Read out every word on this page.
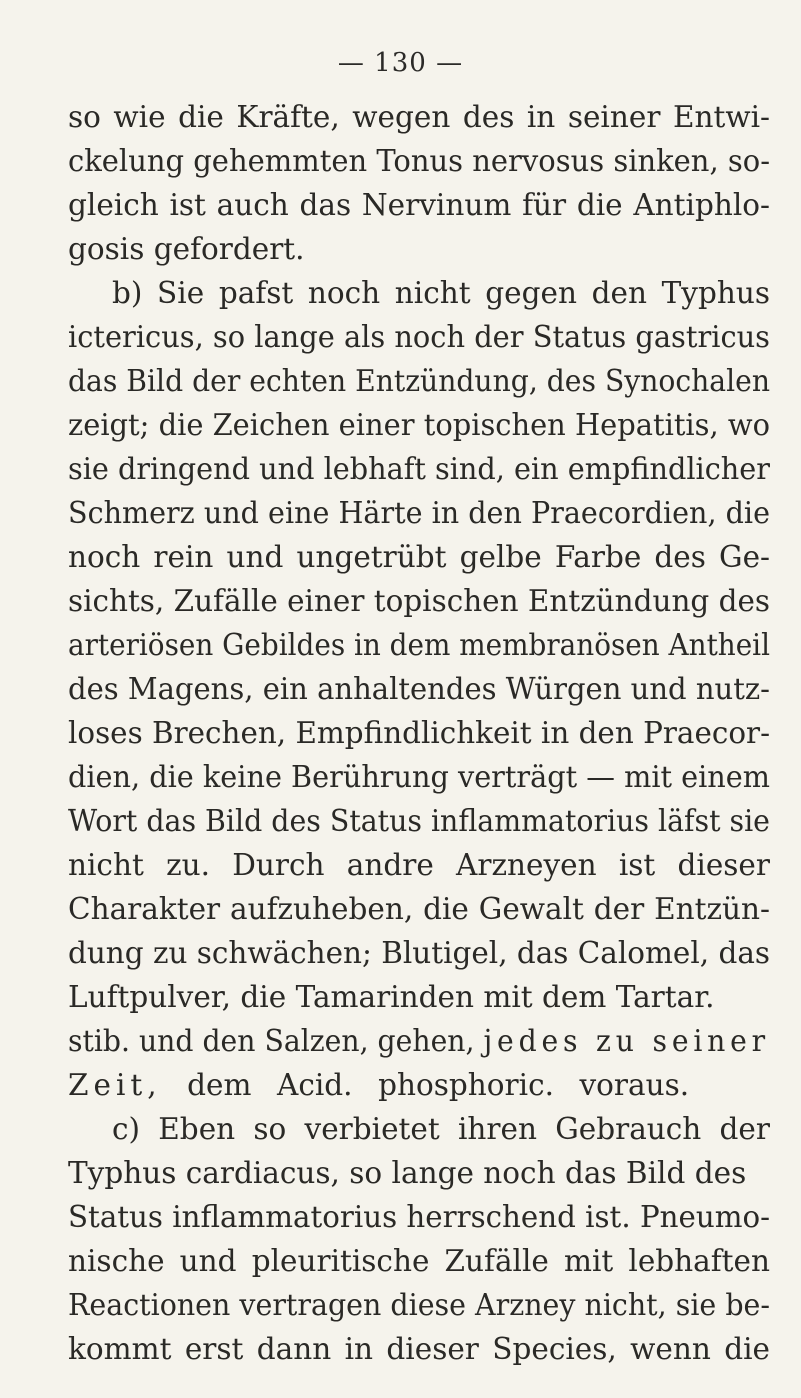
— 130 —
so wie die Kräfte, wegen des in seiner Entwi-
ckelung gehemmten Tonus nervosus sinken, so-
gleich ist auch das Nervinum für die Antiphlo-
gosis gefordert.
b) Sie pafst noch nicht gegen den Typhus
ictericus, so lange als noch der Status gastricus
das Bild der echten Entzündung, des Synochalen
zeigt; die Zeichen einer topischen Hepatitis, wo
sie dringend und lebhaft sind, ein empfindlicher
Schmerz und eine Härte in den Praecordien, die
noch rein und ungetrübt gelbe Farbe des Ge-
sichts, Zufälle einer topischen Entzündung des
arteriösen Gebildes in dem membranösen Antheil
des Magens, ein anhaltendes Würgen und nutz-
loses Brechen, Empfindlichkeit in den Praecor-
dien, die keine Berührung verträgt — mit einem
Wort das Bild des Status inflammatorius läfst sie
nicht zu. Durch andre Arzneyen ist dieser
Charakter aufzuheben, die Gewalt der Entzün-
dung zu schwächen; Blutigel, das Calomel, das
Luftpulver, die Tamarinden mit dem Tartar.
stib. und den Salzen, gehen, jedes zu seiner
Zeit, dem Acid. phosphoric. voraus.
c) Eben so verbietet ihren Gebrauch der
Typhus cardiacus, so lange noch das Bild des
Status inflammatorius herrschend ist. Pneumo-
nische und pleuritische Zufälle mit lebhaften
Reactionen vertragen diese Arzney nicht, sie be-
kommt erst dann in dieser Species, wenn die
